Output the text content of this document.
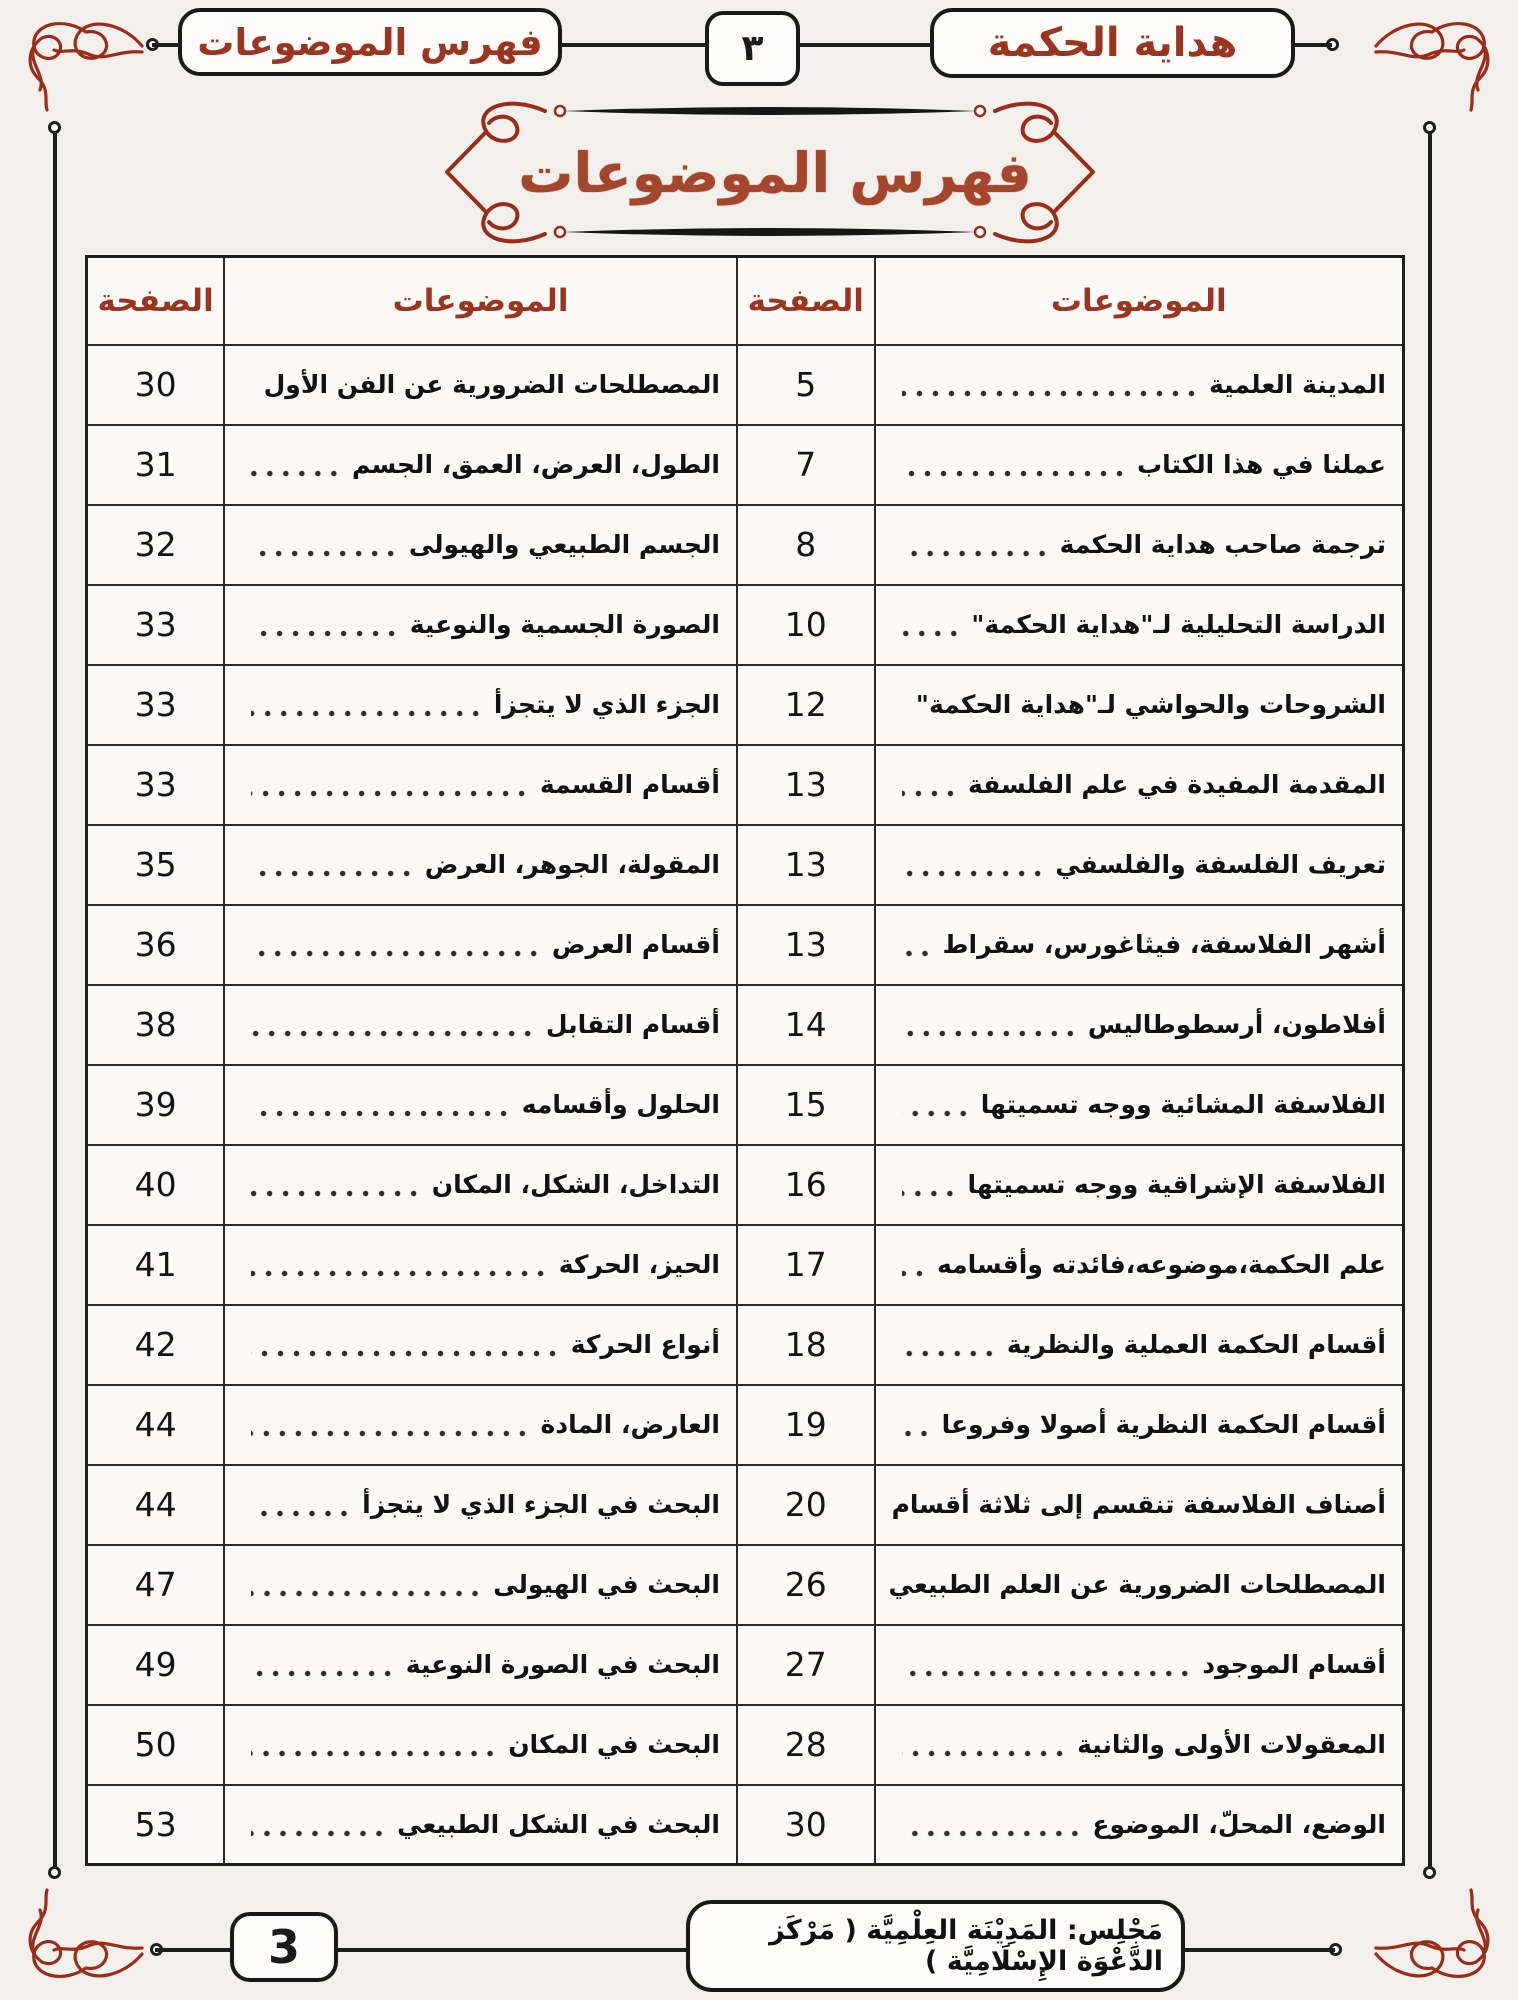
فهرس الموضوعات	٣	هداية الحكمة
فهرس الموضوعات
الموضوعات	الصفحة	الموضوعات	الصفحة

المدينة العلمية	5	المصطلحات الضرورية عن الفن الأول	30

عملنا في هذا الكتاب	7	الطول، العرض، العمق، الجسم	31

ترجمة صاحب هداية الحكمة	8	الجسم الطبيعي والهيولى	32

الدراسة التحليلية لـ"هداية الحكمة"	10	الصورة الجسمية والنوعية	33

الشروحات والحواشي لـ"هداية الحكمة"	12	الجزء الذي لا يتجزأ	33

المقدمة المفيدة في علم الفلسفة	13	أقسام القسمة	33

تعريف الفلسفة والفلسفي	13	المقولة، الجوهر، العرض	35

أشهر الفلاسفة، فيثاغورس، سقراط	13	أقسام العرض	36

أفلاطون، أرسطوطاليس	14	أقسام التقابل	38

الفلاسفة المشائية ووجه تسميتها	15	الحلول وأقسامه	39

الفلاسفة الإشراقية ووجه تسميتها	16	التداخل، الشكل، المكان	40

علم الحكمة،موضوعه،فائدته وأقسامه	17	الحيز، الحركة	41

أقسام الحكمة العملية والنظرية	18	أنواع الحركة	42

أقسام الحكمة النظرية أصولا وفروعا	19	العارض، المادة	44

أصناف الفلاسفة تنقسم إلى ثلاثة أقسام	20	البحث في الجزء الذي لا يتجزأ	44

المصطلحات الضرورية عن العلم الطبيعي	26	البحث في الهيولى	47

أقسام الموجود	27	البحث في الصورة النوعية	49

المعقولات الأولى والثانية	28	البحث في المكان	50

الوضع، المحلّ، الموضوع	30	البحث في الشكل الطبيعي	53
3	مَجْلِس: المَدِيْنَة العِلْمِيَّة ( مَرْكَز الدَّعْوَة الإِسْلَامِيَّة )
